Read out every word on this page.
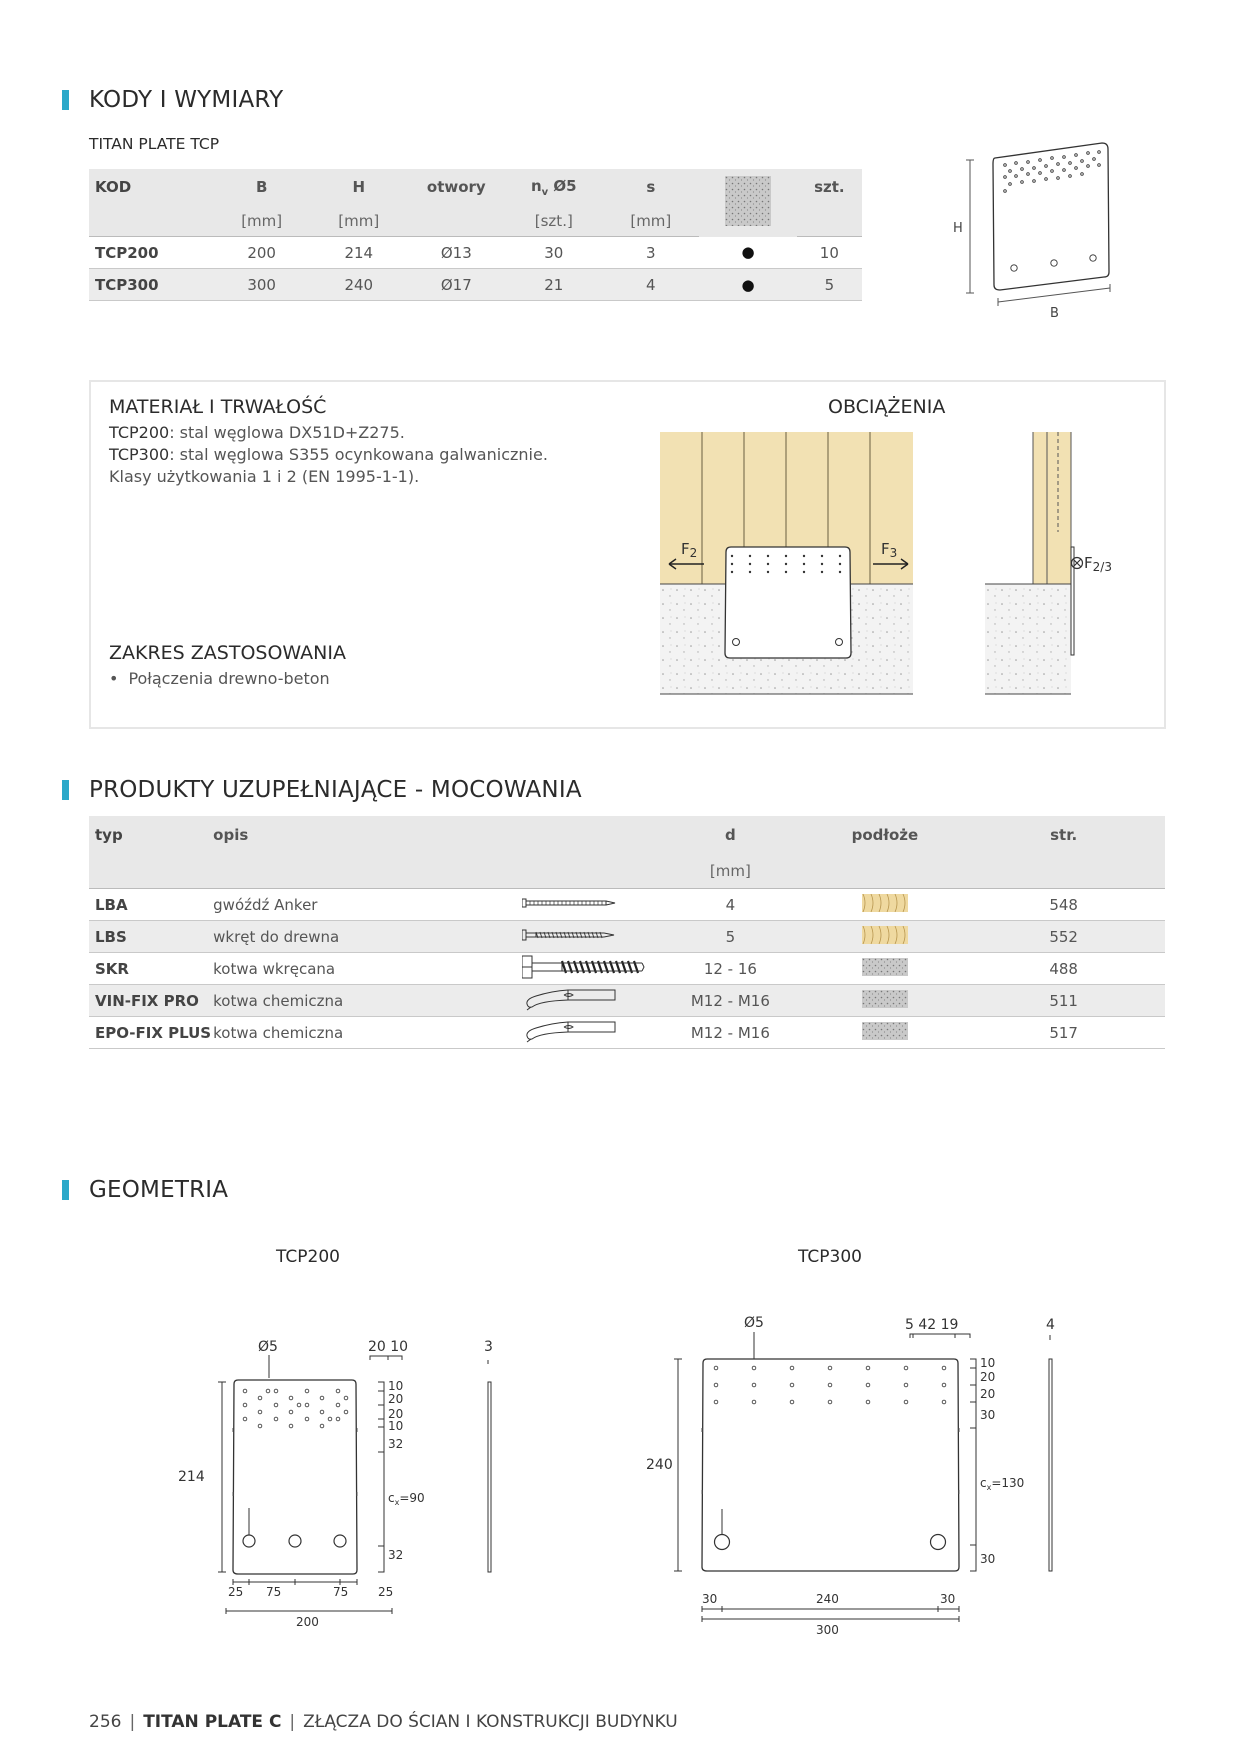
KODY I WYMIARY
TITAN PLATE TCP
KOD	B	H	otwory	$n_v$ Ø5	s		szt.
	[mm]	[mm]		[szt.]	[mm]		
TCP200	200	214	Ø13	30	3	●	10
TCP300	300	240	Ø17	21	4	●	5
H
B
MATERIAŁ I TRWAŁOŚĆ
TCP200: stal węglowa DX51D+Z275.
TCP300: stal węglowa S355 ocynkowana galwanicznie.
Klasy użytkowania 1 i 2 (EN 1995-1-1).
ZAKRES ZASTOSOWANIA
• Połączenia drewno-beton
OBCIĄŻENIA
$F_2$	$F_3$
$F_{2/3}$
PRODUKTY UZUPEŁNIAJĄCE - MOCOWANIA
typ	opis		d	podłoże	str.
			[mm]		
LBA	gwóźdź Anker		4		548
LBS	wkręt do drewna		5		552
SKR	kotwa wkręcana		12 - 16		488
VIN-FIX PRO	kotwa chemiczna		M12 - M16		511
EPO-FIX PLUS	kotwa chemiczna		M12 - M16		517
GEOMETRIA
TCP200	TCP300
Ø5	20 10	3
214
10
20
20
10
32
$c_x=90$
32
25 75	75 25
200
Ø5	5 42 19	4
240
10
20
20
30
$c_x=130$
30
30	240	30
300
256 | TITAN PLATE C | ZŁĄCZA DO ŚCIAN I KONSTRUKCJI BUDYNKU
